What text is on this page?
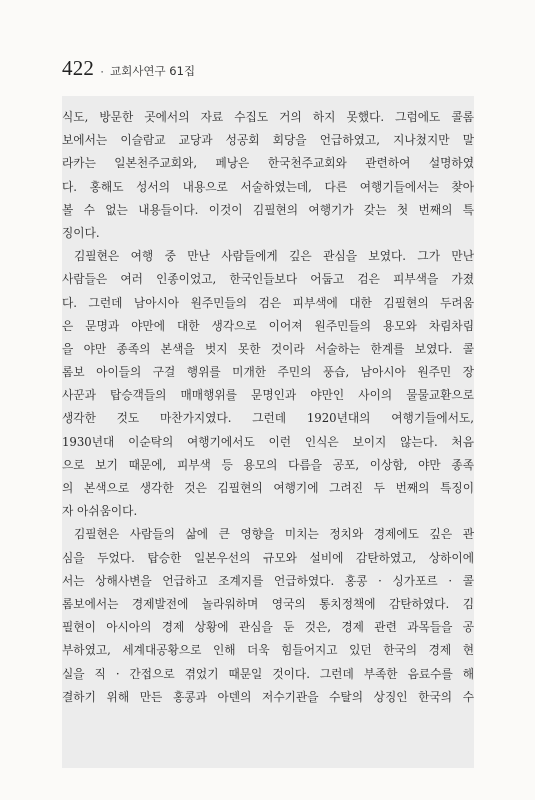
422 · 교회사연구 61집
식도, 방문한 곳에서의 자료 수집도 거의 하지 못했다. 그럼에도 콜롬
보에서는 이슬람교 교당과 성공회 회당을 언급하였고, 지나쳤지만 말
라카는 일본천주교회와, 페낭은 한국천주교회와 관련하여 설명하였
다. 홍해도 성서의 내용으로 서술하였는데, 다른 여행기들에서는 찾아
볼 수 없는 내용들이다. 이것이 김필현의 여행기가 갖는 첫 번째의 특
징이다.
김필현은 여행 중 만난 사람들에게 깊은 관심을 보였다. 그가 만난
사람들은 여러 인종이었고, 한국인들보다 어둡고 검은 피부색을 가졌
다. 그런데 남아시아 원주민들의 검은 피부색에 대한 김필현의 두려움
은 문명과 야만에 대한 생각으로 이어져 원주민들의 용모와 차림차림
을 야만 종족의 본색을 벗지 못한 것이라 서술하는 한계를 보였다. 콜
롬보 아이들의 구걸 행위를 미개한 주민의 풍습, 남아시아 원주민 장
사꾼과 탑승객들의 매매행위를 문명인과 야만인 사이의 물물교환으로
생각한 것도 마찬가지였다. 그런데 1920년대의 여행기들에서도,
1930년대 이순탁의 여행기에서도 이런 인식은 보이지 않는다. 처음
으로 보기 때문에, 피부색 등 용모의 다름을 공포, 이상함, 야만 종족
의 본색으로 생각한 것은 김필현의 여행기에 그려진 두 번째의 특징이
자 아쉬움이다.
김필현은 사람들의 삶에 큰 영향을 미치는 정치와 경제에도 깊은 관
심을 두었다. 탑승한 일본우선의 규모와 설비에 감탄하였고, 상하이에
서는 상해사변을 언급하고 조계지를 언급하였다. 홍콩 · 싱가포르 · 콜
롬보에서는 경제발전에 놀라워하며 영국의 통치정책에 감탄하였다. 김
필현이 아시아의 경제 상황에 관심을 둔 것은, 경제 관련 과목들을 공
부하였고, 세계대공황으로 인해 더욱 힘들어지고 있던 한국의 경제 현
실을 직 · 간접으로 겪었기 때문일 것이다. 그런데 부족한 음료수를 해
결하기 위해 만든 홍콩과 아덴의 저수기관을 수탈의 상징인 한국의 수
